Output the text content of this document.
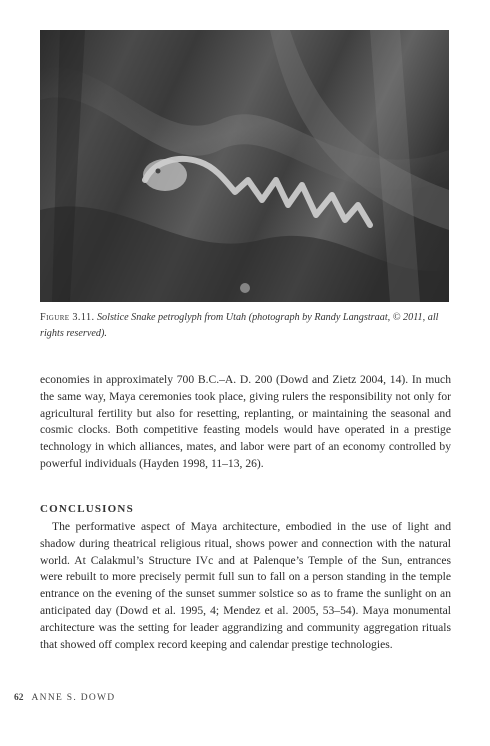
Figure 3.11. Solstice Snake petroglyph from Utah (photograph by Randy Langstraat, © 2011, all rights reserved).
economies in approximately 700 B.C.–A. D. 200 (Dowd and Zietz 2004, 14). In much the same way, Maya ceremonies took place, giving rulers the responsibility not only for agricultural fertility but also for resetting, replanting, or maintaining the seasonal and cosmic clocks. Both competitive feasting models would have operated in a prestige technology in which alliances, mates, and labor were part of an economy controlled by powerful individuals (Hayden 1998, 11–13, 26).
CONCLUSIONS
The performative aspect of Maya architecture, embodied in the use of light and shadow during theatrical religious ritual, shows power and connection with the natural world. At Calakmul’s Structure IVc and at Palenque’s Temple of the Sun, entrances were rebuilt to more precisely permit full sun to fall on a person standing in the temple entrance on the evening of the sunset summer solstice so as to frame the sunlight on an anticipated day (Dowd et al. 1995, 4; Mendez et al. 2005, 53–54). Maya monumental architecture was the setting for leader aggrandizing and community aggregation rituals that showed off complex record keeping and calendar prestige technologies.
62 ANNE S. DOWD
